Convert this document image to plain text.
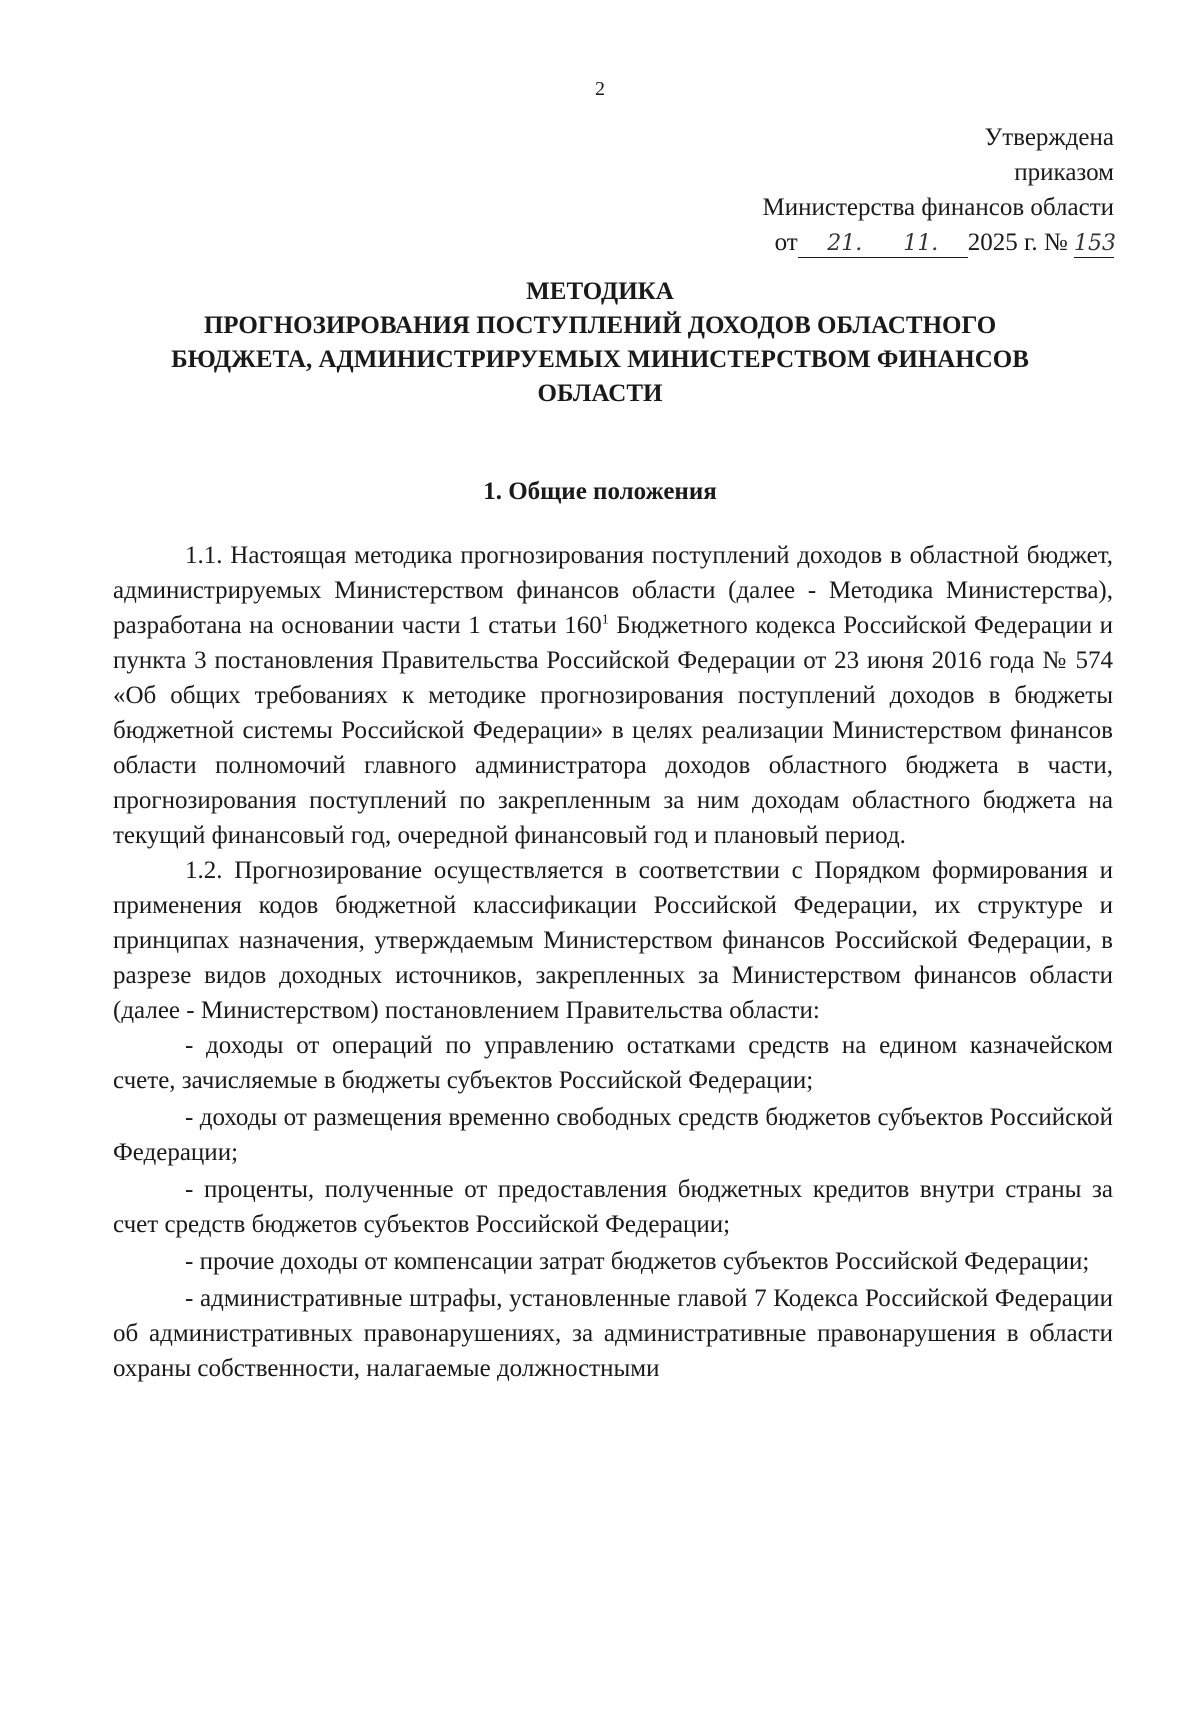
2
Утверждена
приказом
Министерства финансов области
от 21. 11. 2025 г. № 153
МЕТОДИКА
ПРОГНОЗИРОВАНИЯ ПОСТУПЛЕНИЙ ДОХОДОВ ОБЛАСТНОГО
БЮДЖЕТА, АДМИНИСТРИРУЕМЫХ МИНИСТЕРСТВОМ ФИНАНСОВ
ОБЛАСТИ
1. Общие положения

1.1. Настоящая методика прогнозирования поступлений доходов в областной бюджет, администрируемых Министерством финансов области (далее - Методика Министерства), разработана на основании части 1 статьи $160^1$ Бюджетного кодекса Российской Федерации и пункта 3 постановления Правительства Российской Федерации от 23 июня 2016 года № 574 «Об общих требованиях к методике прогнозирования поступлений доходов в бюджеты бюджетной системы Российской Федерации» в целях реализации Министерством финансов области полномочий главного администратора доходов областного бюджета в части, прогнозирования поступлений по закрепленным за ним доходам областного бюджета на текущий финансовый год, очередной финансовый год и плановый период.

1.2. Прогнозирование осуществляется в соответствии с Порядком формирования и применения кодов бюджетной классификации Российской Федерации, их структуре и принципах назначения, утверждаемым Министерством финансов Российской Федерации, в разрезе видов доходных источников, закрепленных за Министерством финансов области (далее - Министерством) постановлением Правительства области:

- доходы от операций по управлению остатками средств на едином казначейском счете, зачисляемые в бюджеты субъектов Российской Федерации;

- доходы от размещения временно свободных средств бюджетов субъектов Российской Федерации;

- проценты, полученные от предоставления бюджетных кредитов внутри страны за счет средств бюджетов субъектов Российской Федерации;

- прочие доходы от компенсации затрат бюджетов субъектов Российской Федерации;

- административные штрафы, установленные главой 7 Кодекса Российской Федерации об административных правонарушениях, за административные правонарушения в области охраны собственности, налагаемые должностными
